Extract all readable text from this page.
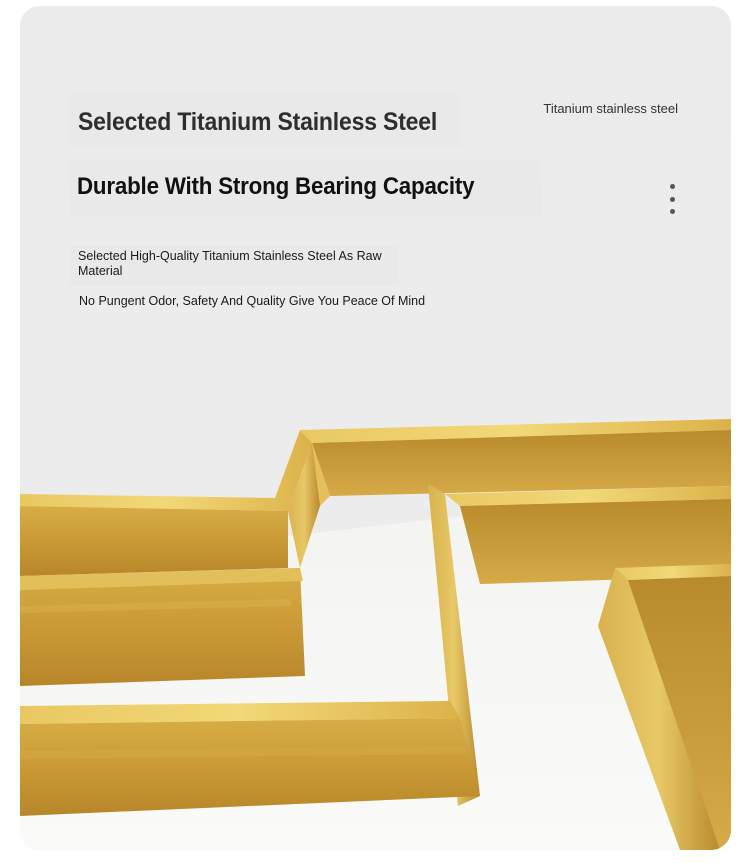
Selected Titanium Stainless Steel
Durable With Strong Bearing Capacity
Titanium stainless steel
Selected High-Quality Titanium Stainless Steel As Raw Material
No Pungent Odor, Safety And Quality Give You Peace Of Mind
